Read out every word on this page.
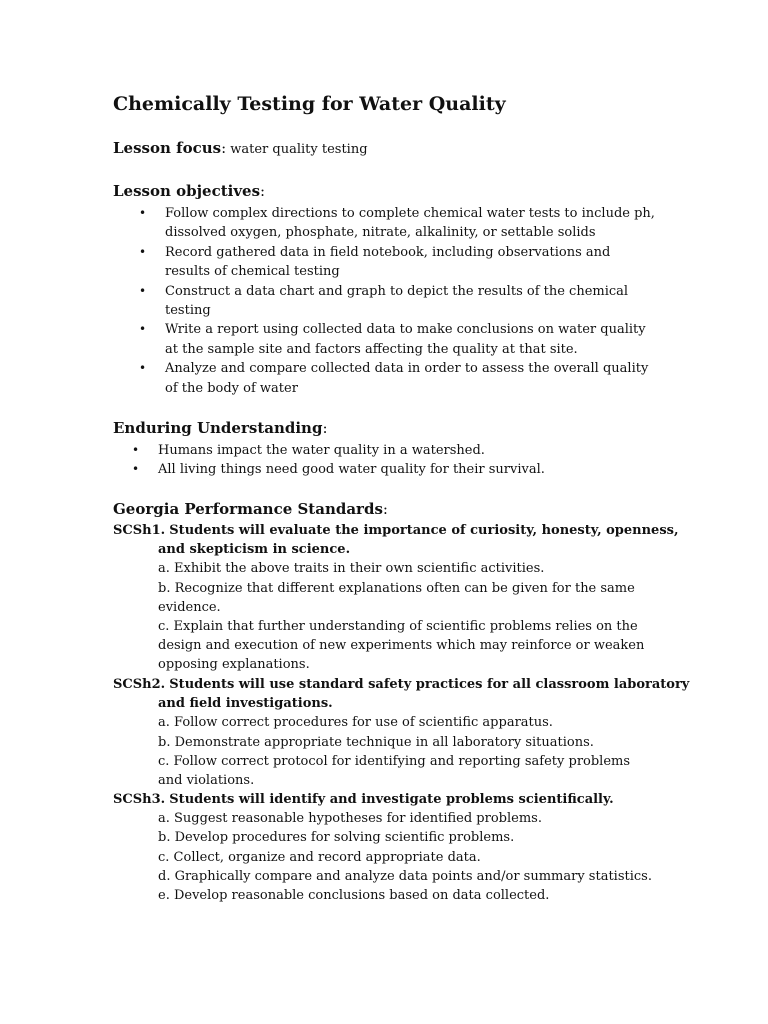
Chemically Testing for Water Quality
Lesson focus: water quality testing
Lesson objectives:
•	Follow complex directions to complete chemical water tests to include ph, dissolved oxygen, phosphate, nitrate, alkalinity, or settable solids
•	Record gathered data in field notebook, including observations and results of chemical testing
•	Construct a data chart and graph to depict the results of the chemical testing
•	Write a report using collected data to make conclusions on water quality at the sample site and factors affecting the quality at that site.
•	Analyze and compare collected data in order to assess the overall quality of the body of water
Enduring Understanding:
•	Humans impact the water quality in a watershed.
•	All living things need good water quality for their survival.
Georgia Performance Standards:
SCSh1. Students will evaluate the importance of curiosity, honesty, openness,
and skepticism in science.
a. Exhibit the above traits in their own scientific activities.
b. Recognize that different explanations often can be given for the same evidence.
c. Explain that further understanding of scientific problems relies on the design and execution of new experiments which may reinforce or weaken opposing explanations.
SCSh2. Students will use standard safety practices for all classroom laboratory
and field investigations.
a. Follow correct procedures for use of scientific apparatus.
b. Demonstrate appropriate technique in all laboratory situations.
c. Follow correct protocol for identifying and reporting safety problems and violations.
SCSh3. Students will identify and investigate problems scientifically.
a. Suggest reasonable hypotheses for identified problems.
b. Develop procedures for solving scientific problems.
c. Collect, organize and record appropriate data.
d. Graphically compare and analyze data points and/or summary statistics.
e. Develop reasonable conclusions based on data collected.
